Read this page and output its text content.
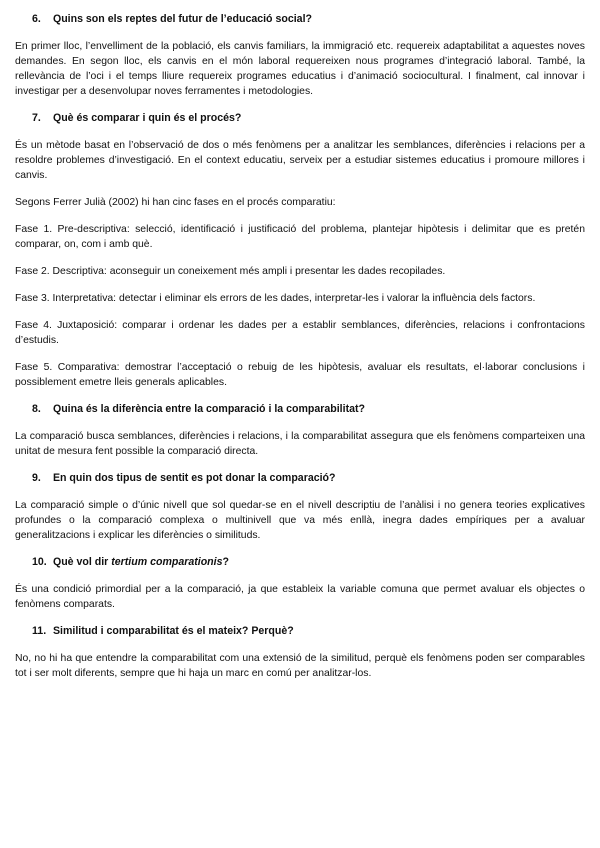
6. Quins son els reptes del futur de l’educació social?

En primer lloc, l’envelliment de la població, els canvis familiars, la immigració etc. requereix adaptabilitat a aquestes noves demandes. En segon lloc, els canvis en el món laboral requereixen nous programes d’integració laboral. També, la rellevància de l’oci i el temps lliure requereix programes educatius i d’animació sociocultural. I finalment, cal innovar i investigar per a desenvolupar noves ferramentes i metodologies.

7. Què és comparar i quin és el procés?

És un mètode basat en l’observació de dos o més fenòmens per a analitzar les semblances, diferències i relacions per a resoldre problemes d’investigació. En el context educatiu, serveix per a estudiar sistemes educatius i promoure millores i canvis.

Segons Ferrer Julià (2002) hi han cinc fases en el procés comparatiu:

Fase 1. Pre-descriptiva: selecció, identificació i justificació del problema, plantejar hipòtesis i delimitar que es pretén comparar, on, com i amb què.

Fase 2. Descriptiva: aconseguir un coneixement més ampli i presentar les dades recopilades.

Fase 3. Interpretativa: detectar i eliminar els errors de les dades, interpretar-les i valorar la influència dels factors.

Fase 4. Juxtaposició: comparar i ordenar les dades per a establir semblances, diferències, relacions i confrontacions d’estudis.

Fase 5. Comparativa: demostrar l’acceptació o rebuig de les hipòtesis, avaluar els resultats, el·laborar conclusions i possiblement emetre lleis generals aplicables.

8. Quina és la diferència entre la comparació i la comparabilitat?

La comparació busca semblances, diferències i relacions, i la comparabilitat assegura que els fenòmens comparteixen una unitat de mesura fent possible la comparació directa.

9. En quin dos tipus de sentit es pot donar la comparació?

La comparació simple o d’únic nivell que sol quedar-se en el nivell descriptiu de l’anàlisi i no genera teories explicatives profundes o la comparació complexa o multinivell que va més enllà, inegra dades empíriques per a avaluar generalitzacions i explicar les diferències o similituds.

10. Què vol dir tertium comparationis?

És una condició primordial per a la comparació, ja que estableix la variable comuna que permet avaluar els objectes o fenòmens comparats.

11. Similitud i comparabilitat és el mateix? Perquè?

No, no hi ha que entendre la comparabilitat com una extensió de la similitud, perquè els fenòmens poden ser comparables tot i ser molt diferents, sempre que hi haja un marc en comú per analitzar-los.
